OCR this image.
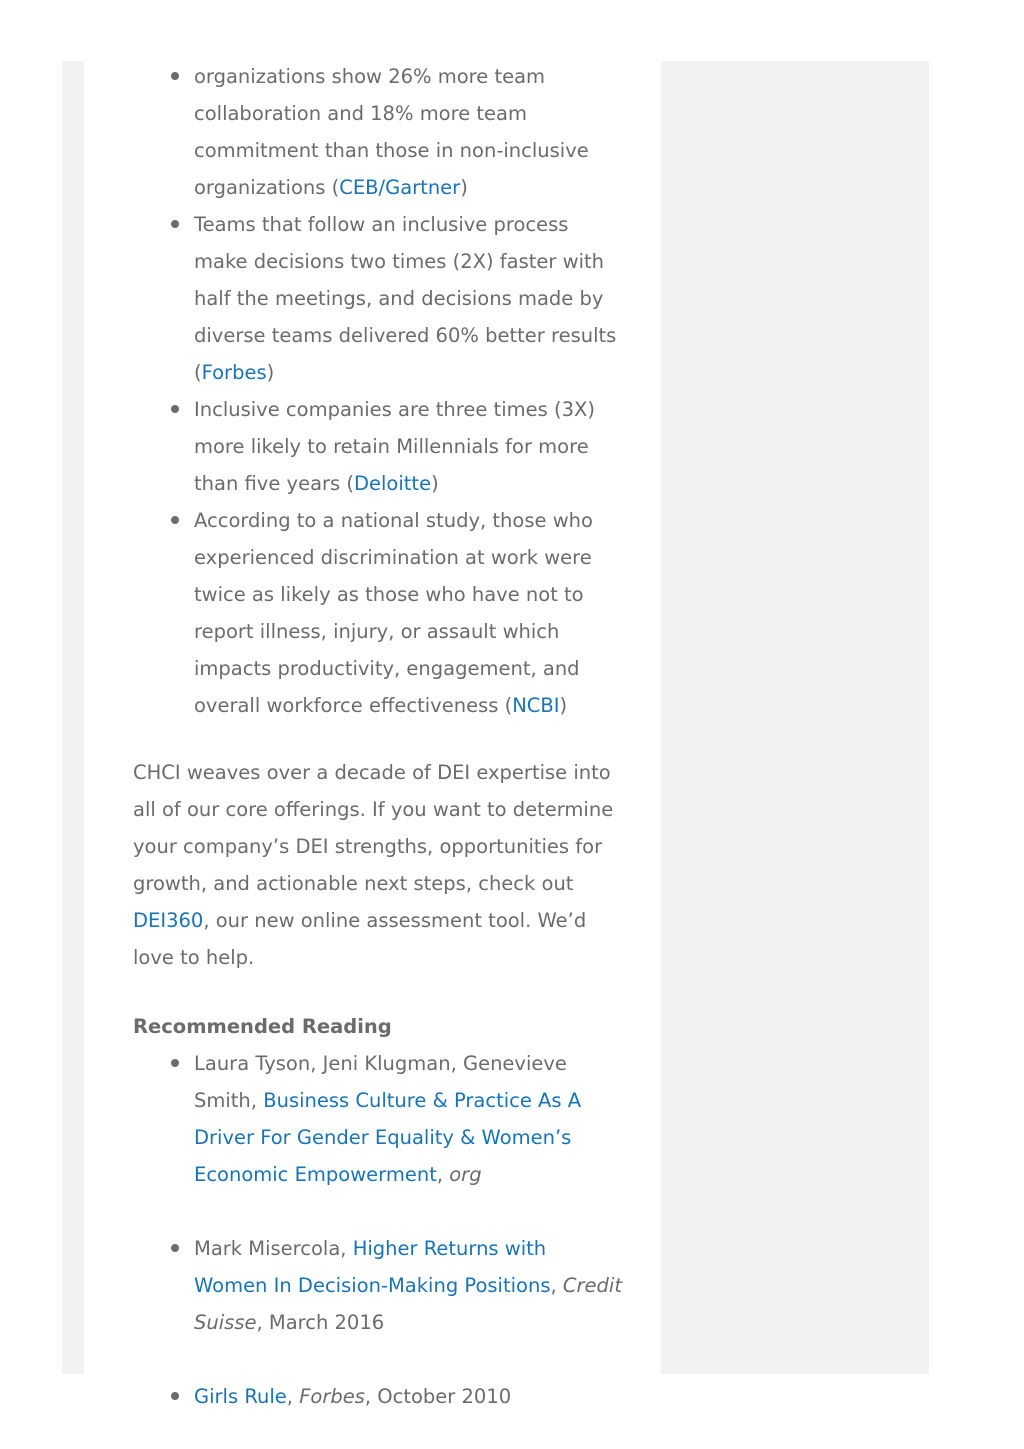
organizations show 26% more team collaboration and 18% more team commitment than those in non-inclusive organizations (CEB/Gartner)
Teams that follow an inclusive process make decisions two times (2X) faster with half the meetings, and decisions made by diverse teams delivered 60% better results (Forbes)
Inclusive companies are three times (3X) more likely to retain Millennials for more than five years (Deloitte)
According to a national study, those who experienced discrimination at work were twice as likely as those who have not to report illness, injury, or assault which impacts productivity, engagement, and overall workforce effectiveness (NCBI)

CHCI weaves over a decade of DEI expertise into all of our core offerings. If you want to determine your company’s DEI strengths, opportunities for growth, and actionable next steps, check out DEI360, our new online assessment tool. We’d love to help.

Recommended Reading

Laura Tyson, Jeni Klugman, Genevieve Smith, Business Culture & Practice As A Driver For Gender Equality & Women’s Economic Empowerment, org
Mark Misercola, Higher Returns with Women In Decision-Making Positions, Credit Suisse, March 2016
Girls Rule, Forbes, October 2010
